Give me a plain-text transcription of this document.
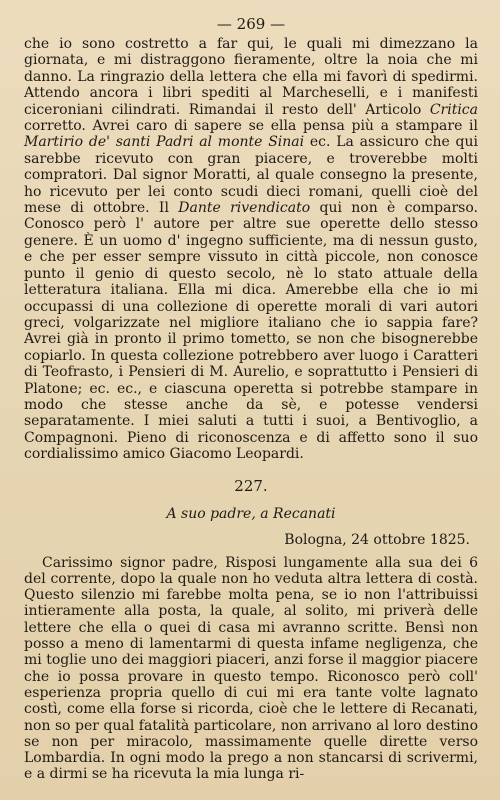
— 269 —

che io sono costretto a far qui, le quali mi dimezzano la giornata, e mi distraggono fieramente, oltre la noia che mi danno. La ringrazio della lettera che ella mi favorì di spedirmi. Attendo ancora i libri spediti al Marcheselli, e i manifesti ciceroniani cilindrati. Rimandai il resto dell' Articolo Critica corretto. Avrei caro di sapere se ella pensa più a stampare il Martirio de' santi Padri al monte Sinai ec. La assicuro che qui sarebbe ricevuto con gran piacere, e troverebbe molti compratori. Dal signor Moratti, al quale consegno la presente, ho ricevuto per lei conto scudi dieci romani, quelli cioè del mese di ottobre. Il Dante rivendicato qui non è comparso. Conosco però l' autore per altre sue operette dello stesso genere. È un uomo d' ingegno sufficiente, ma di nessun gusto, e che per esser sempre vissuto in città piccole, non conosce punto il genio di questo secolo, nè lo stato attuale della letteratura italiana. Ella mi dica. Amerebbe ella che io mi occupassi di una collezione di operette morali di vari autori greci, volgarizzate nel migliore italiano che io sappia fare? Avrei già in pronto il primo tometto, se non che bisognerebbe copiarlo. In questa collezione potrebbero aver luogo i Caratteri di Teofrasto, i Pensieri di M. Aurelio, e soprattutto i Pensieri di Platone; ec. ec., e ciascuna operetta si potrebbe stampare in modo che stesse anche da sè, e potesse vendersi separatamente. I miei saluti a tutti i suoi, a Bentivoglio, a Compagnoni. Pieno di riconoscenza e di affetto sono il suo cordialissimo amico Giacomo Leopardi.

227.
A suo padre, a Recanati
Bologna, 24 ottobre 1825.

Carissimo signor padre, Risposi lungamente alla sua dei 6 del corrente, dopo la quale non ho veduta altra lettera di costà. Questo silenzio mi farebbe molta pena, se io non l'attribuissi intieramente alla posta, la quale, al solito, mi priverà delle lettere che ella o quei di casa mi avranno scritte. Bensì non posso a meno di lamentarmi di questa infame negligenza, che mi toglie uno dei maggiori piaceri, anzi forse il maggior piacere che io possa provare in questo tempo. Riconosco però coll' esperienza propria quello di cui mi era tante volte lagnato costì, come ella forse si ricorda, cioè che le lettere di Recanati, non so per qual fatalità particolare, non arrivano al loro destino se non per miracolo, massimamente quelle dirette verso Lombardia. In ogni modo la prego a non stancarsi di scrivermi, e a dirmi se ha ricevuta la mia lunga ri-
